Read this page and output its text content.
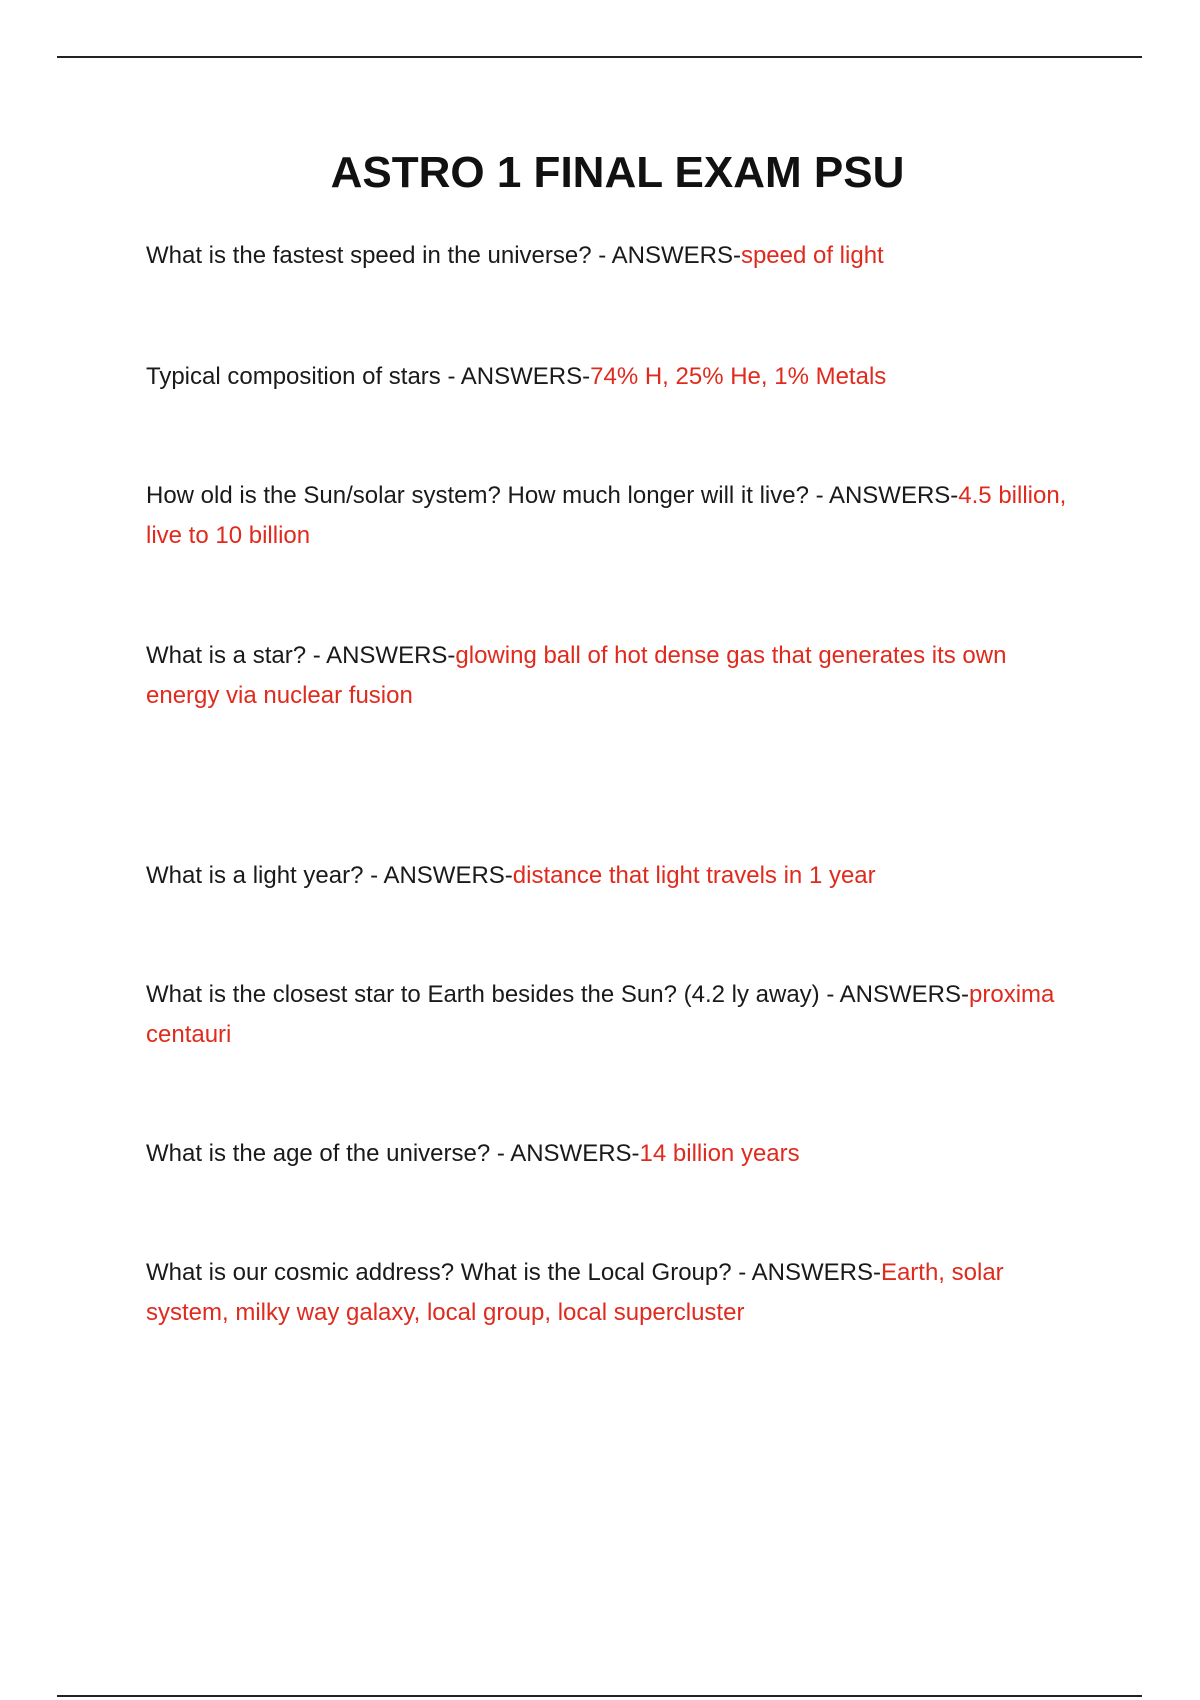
ASTRO 1 FINAL EXAM PSU
What is the fastest speed in the universe? - ANSWERS-speed of light
Typical composition of stars - ANSWERS-74% H, 25% He, 1% Metals
How old is the Sun/solar system? How much longer will it live? - ANSWERS-4.5 billion, live to 10 billion
What is a star? - ANSWERS-glowing ball of hot dense gas that generates its own energy via nuclear fusion
What is a light year? - ANSWERS-distance that light travels in 1 year
What is the closest star to Earth besides the Sun? (4.2 ly away) - ANSWERS-proxima centauri
What is the age of the universe? - ANSWERS-14 billion years
What is our cosmic address? What is the Local Group? - ANSWERS-Earth, solar system, milky way galaxy, local group, local supercluster
